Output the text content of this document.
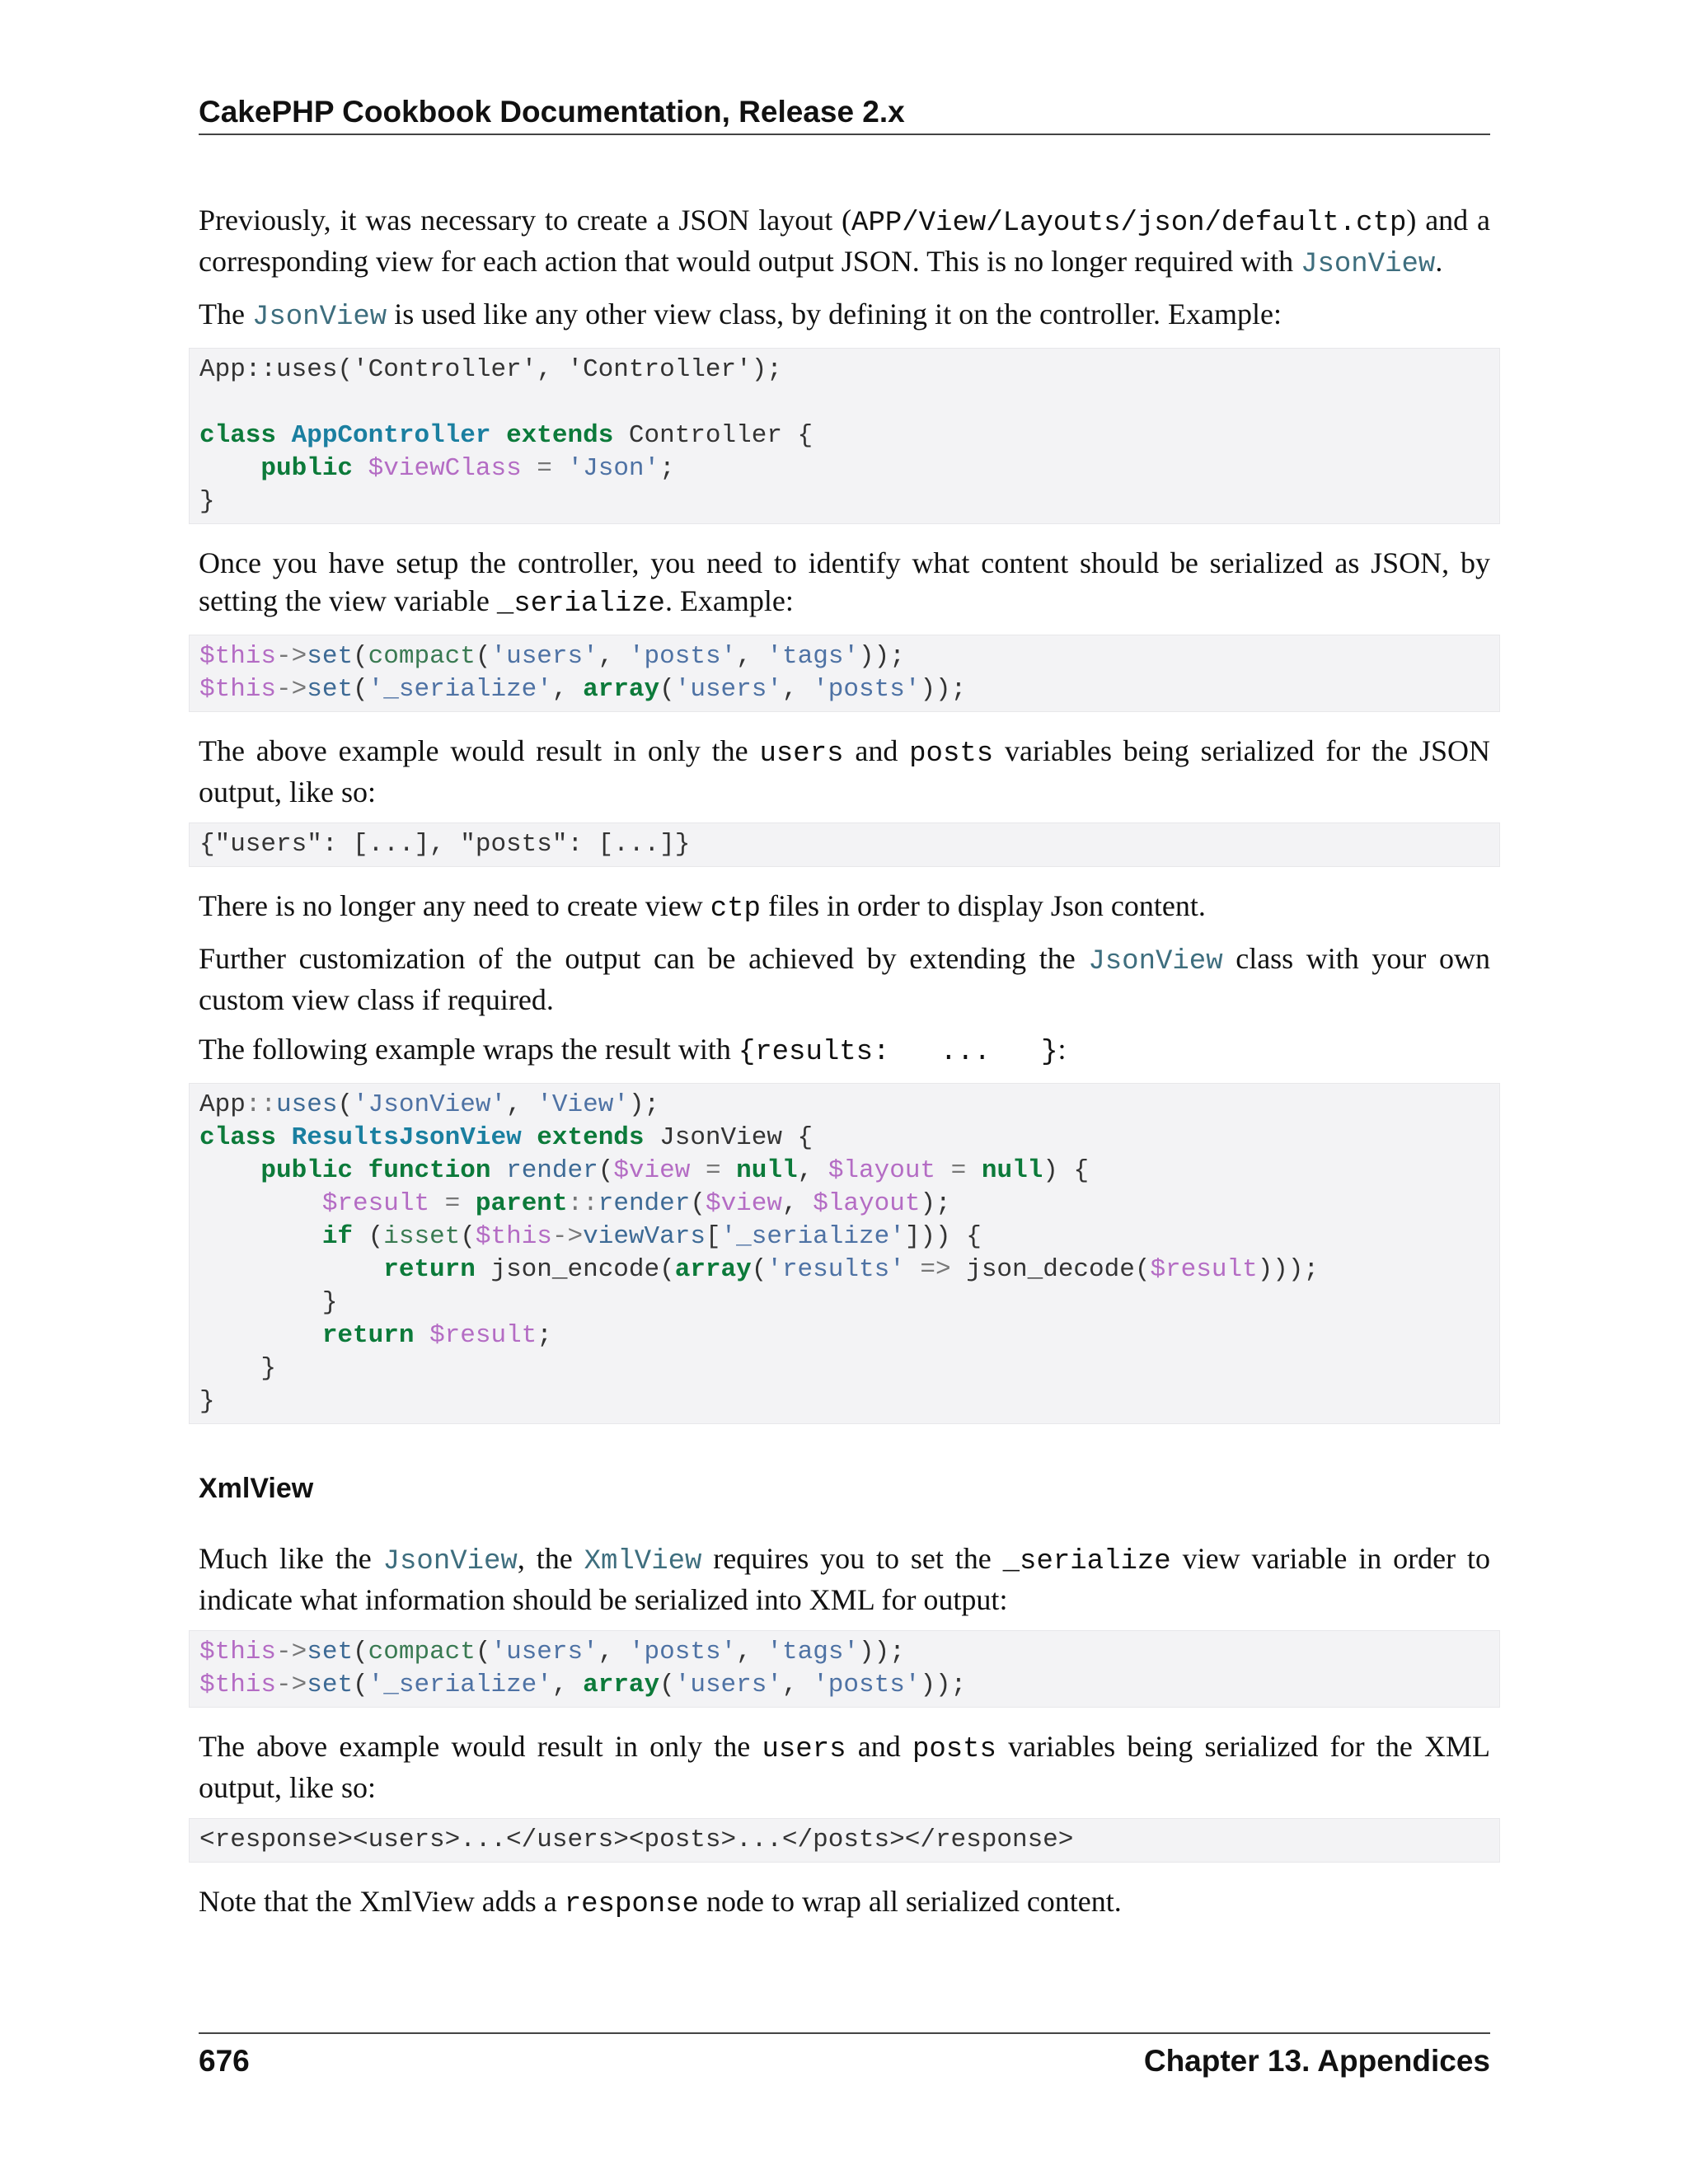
CakePHP Cookbook Documentation, Release 2.x

Previously, it was necessary to create a JSON layout (APP/View/Layouts/json/default.ctp) and a corresponding view for each action that would output JSON. This is no longer required with JsonView.

The JsonView is used like any other view class, by defining it on the controller. Example:

App::uses('Controller', 'Controller');

class AppController extends Controller {
public $viewClass = 'Json';
}

Once you have setup the controller, you need to identify what content should be serialized as JSON, by setting the view variable _serialize. Example:

$this->set(compact('users', 'posts', 'tags'));
$this->set('_serialize', array('users', 'posts'));

The above example would result in only the users and posts variables being serialized for the JSON output, like so:

{"users": [...], "posts": [...]}

There is no longer any need to create view ctp files in order to display Json content.

Further customization of the output can be achieved by extending the JsonView class with your own custom view class if required.

The following example wraps the result with {results:   ...   }:

App::uses('JsonView', 'View');
class ResultsJsonView extends JsonView {
public function render($view = null, $layout = null) {
$result = parent::render($view, $layout);
if (isset($this->viewVars['_serialize'])) {
return json_encode(array('results' => json_decode($result)));
}
return $result;
}
}
XmlView

Much like the JsonView, the XmlView requires you to set the _serialize view variable in order to indicate what information should be serialized into XML for output:

$this->set(compact('users', 'posts', 'tags'));
$this->set('_serialize', array('users', 'posts'));

The above example would result in only the users and posts variables being serialized for the XML output, like so:

<response><users>...</users><posts>...</posts></response>

Note that the XmlView adds a response node to wrap all serialized content.

676	Chapter 13. Appendices
